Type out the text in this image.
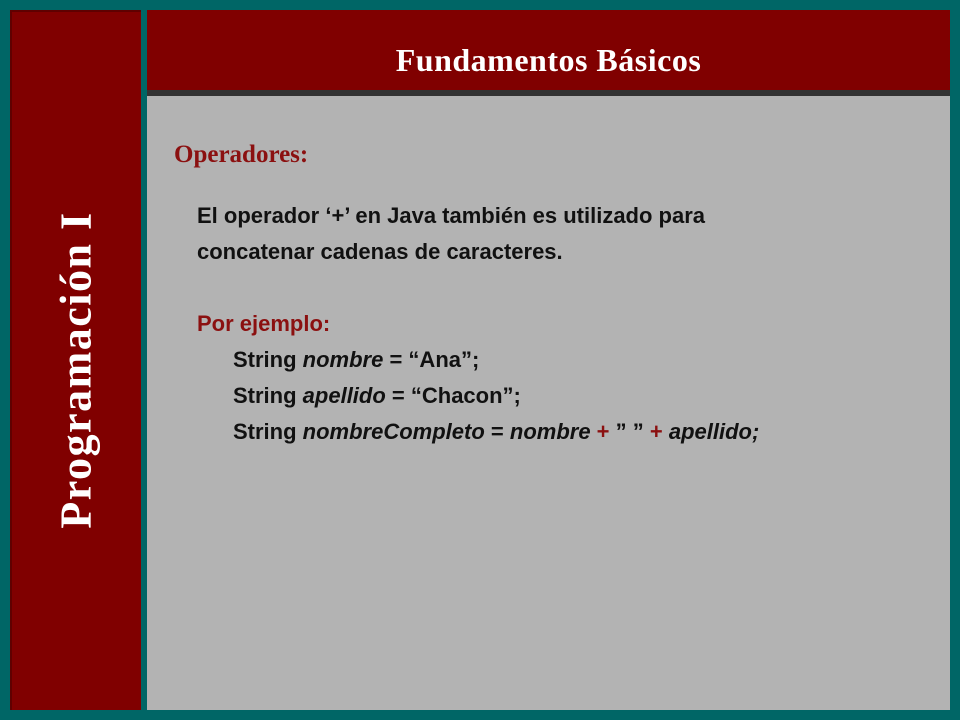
Programación I
Fundamentos Básicos
Operadores:

El operador ‘+’ en Java también es utilizado para

concatenar cadenas de caracteres.

Por ejemplo:

String nombre = “Ana”;

String apellido = “Chacon”;

String nombreCompleto = nombre + ” ” + apellido;
